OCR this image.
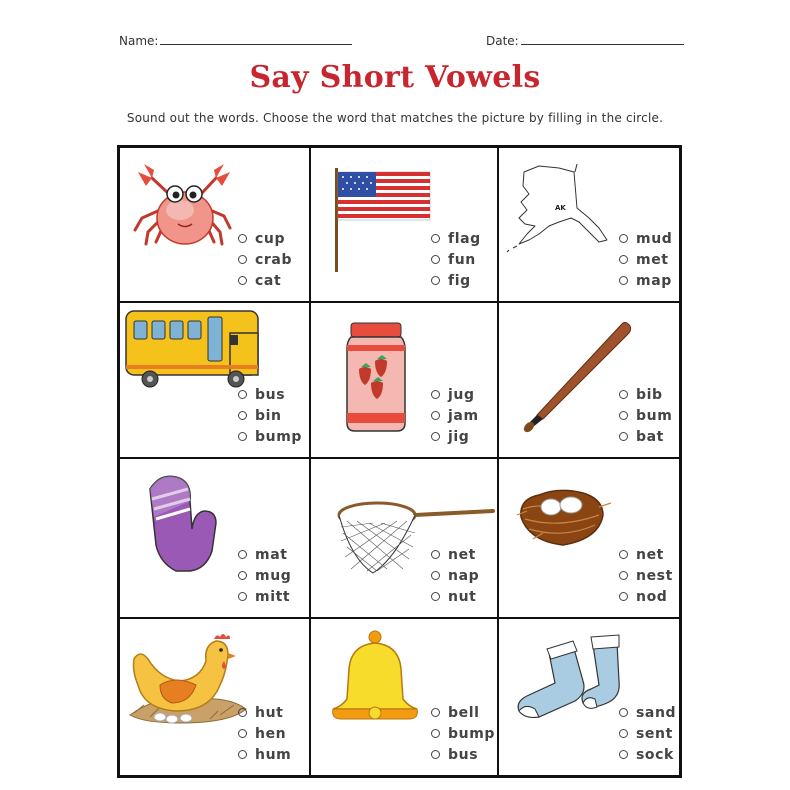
Name:	Date:
Say Short Vowels
Sound out the words. Choose the word that matches the picture by filling in the circle.
cup
crab
cat
flag
fun
fig
AK
mud
met
map
bus
bin
bump
jug
jam
jig
bib
bum
bat
mat
mug
mitt
net
nap
nut
net
nest
nod
hut
hen
hum
bell
bump
bus
sand
sent
sock
